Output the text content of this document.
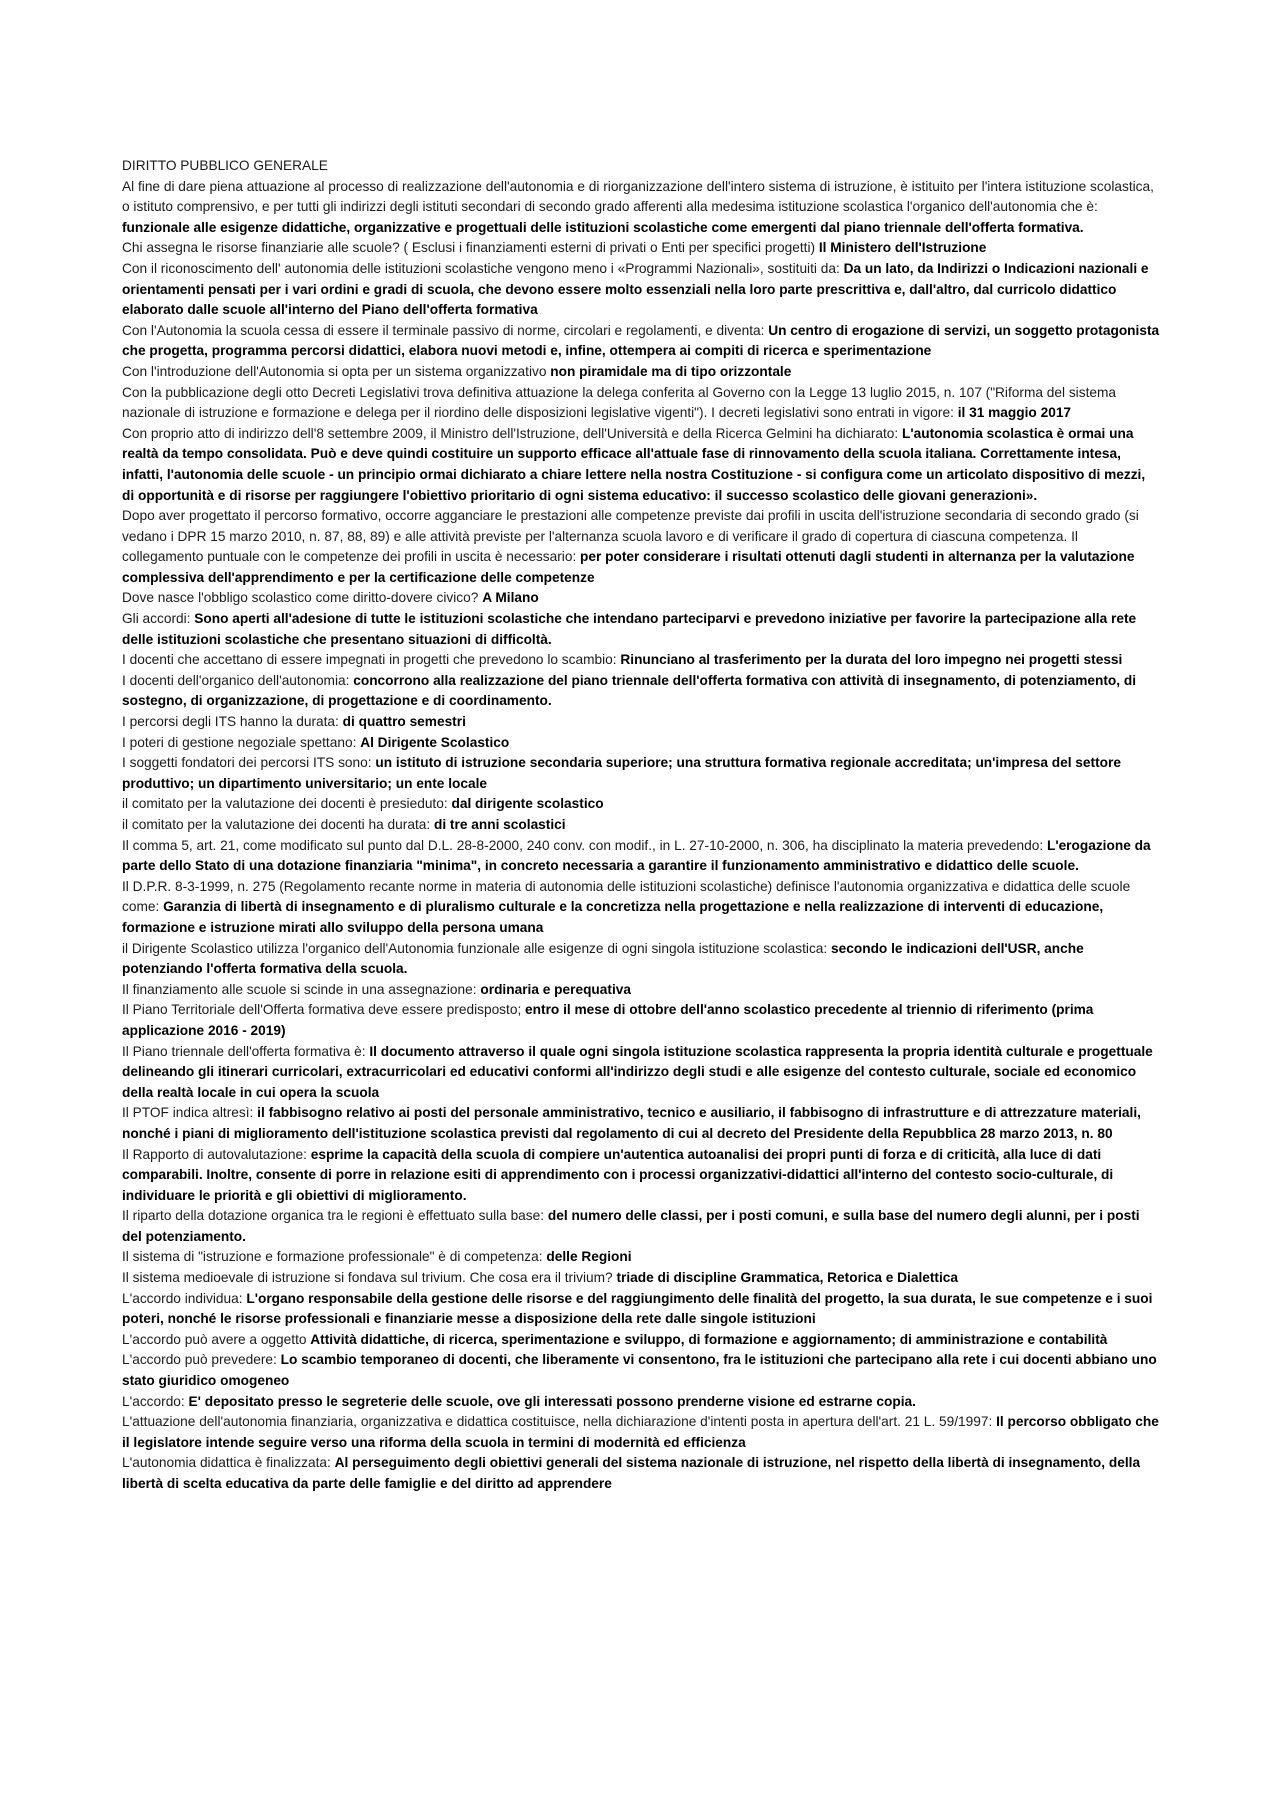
DIRITTO PUBBLICO GENERALE

Al fine di dare piena attuazione al processo di realizzazione dell'autonomia e di riorganizzazione dell'intero sistema di istruzione, è istituito per l'intera istituzione scolastica, o istituto comprensivo, e per tutti gli indirizzi degli istituti secondari di secondo grado afferenti alla medesima istituzione scolastica l'organico dell'autonomia che è: funzionale alle esigenze didattiche, organizzative e progettuali delle istituzioni scolastiche come emergenti dal piano triennale dell'offerta formativa.

Chi assegna le risorse finanziarie alle scuole? ( Esclusi i finanziamenti esterni di privati o Enti per specifici progetti) Il Ministero dell'Istruzione

Con il riconoscimento dell' autonomia delle istituzioni scolastiche vengono meno i «Programmi Nazionali», sostituiti da: Da un lato, da Indirizzi o Indicazioni nazionali e orientamenti pensati per i vari ordini e gradi di scuola, che devono essere molto essenziali nella loro parte prescrittiva e, dall'altro, dal curricolo didattico elaborato dalle scuole all'interno del Piano dell'offerta formativa

Con l'Autonomia la scuola cessa di essere il terminale passivo di norme, circolari e regolamenti, e diventa: Un centro di erogazione di servizi, un soggetto protagonista che progetta, programma percorsi didattici, elabora nuovi metodi e, infine, ottempera ai compiti di ricerca e sperimentazione

Con l'introduzione dell'Autonomia si opta per un sistema organizzativo non piramidale ma di tipo orizzontale

Con la pubblicazione degli otto Decreti Legislativi trova definitiva attuazione la delega conferita al Governo con la Legge 13 luglio 2015, n. 107 ("Riforma del sistema nazionale di istruzione e formazione e delega per il riordino delle disposizioni legislative vigenti"). I decreti legislativi sono entrati in vigore: il 31 maggio 2017

Con proprio atto di indirizzo dell'8 settembre 2009, il Ministro dell'Istruzione, dell'Università e della Ricerca Gelmini ha dichiarato: L'autonomia scolastica è ormai una realtà da tempo consolidata. Può e deve quindi costituire un supporto efficace all'attuale fase di rinnovamento della scuola italiana. Correttamente intesa, infatti, l'autonomia delle scuole - un principio ormai dichiarato a chiare lettere nella nostra Costituzione - si configura come un articolato dispositivo di mezzi, di opportunità e di risorse per raggiungere l'obiettivo prioritario di ogni sistema educativo: il successo scolastico delle giovani generazioni».

Dopo aver progettato il percorso formativo, occorre agganciare le prestazioni alle competenze previste dai profili in uscita dell'istruzione secondaria di secondo grado (si vedano i DPR 15 marzo 2010, n. 87, 88, 89) e alle attività previste per l'alternanza scuola lavoro e di verificare il grado di copertura di ciascuna competenza. Il collegamento puntuale con le competenze dei profili in uscita è necessario: per poter considerare i risultati ottenuti dagli studenti in alternanza per la valutazione complessiva dell'apprendimento e per la certificazione delle competenze

Dove nasce l'obbligo scolastico come diritto-dovere civico? A Milano

Gli accordi: Sono aperti all'adesione di tutte le istituzioni scolastiche che intendano parteciparvi e prevedono iniziative per favorire la partecipazione alla rete delle istituzioni scolastiche che presentano situazioni di difficoltà.

I docenti che accettano di essere impegnati in progetti che prevedono lo scambio: Rinunciano al trasferimento per la durata del loro impegno nei progetti stessi

I docenti dell'organico dell'autonomia: concorrono alla realizzazione del piano triennale dell'offerta formativa con attività di insegnamento, di potenziamento, di sostegno, di organizzazione, di progettazione e di coordinamento.

I percorsi degli ITS hanno la durata: di quattro semestri

I poteri di gestione negoziale spettano: Al Dirigente Scolastico

I soggetti fondatori dei percorsi ITS sono: un istituto di istruzione secondaria superiore; una struttura formativa regionale accreditata; un'impresa del settore produttivo; un dipartimento universitario; un ente locale

il comitato per la valutazione dei docenti è presieduto: dal dirigente scolastico

il comitato per la valutazione dei docenti ha durata: di tre anni scolastici

Il comma 5, art. 21, come modificato sul punto dal D.L. 28-8-2000, 240 conv. con modif., in L. 27-10-2000, n. 306, ha disciplinato la materia prevedendo: L'erogazione da parte dello Stato di una dotazione finanziaria "minima", in concreto necessaria a garantire il funzionamento amministrativo e didattico delle scuole.

Il D.P.R. 8-3-1999, n. 275 (Regolamento recante norme in materia di autonomia delle istituzioni scolastiche) definisce l'autonomia organizzativa e didattica delle scuole come: Garanzia di libertà di insegnamento e di pluralismo culturale e la concretizza nella progettazione e nella realizzazione di interventi di educazione, formazione e istruzione mirati allo sviluppo della persona umana

il Dirigente Scolastico utilizza l'organico dell'Autonomia funzionale alle esigenze di ogni singola istituzione scolastica: secondo le indicazioni dell'USR, anche potenziando l'offerta formativa della scuola.

Il finanziamento alle scuole si scinde in una assegnazione: ordinaria e perequativa

Il Piano Territoriale dell'Offerta formativa deve essere predisposto; entro il mese di ottobre dell'anno scolastico precedente al triennio di riferimento (prima applicazione 2016 - 2019)

Il Piano triennale dell'offerta formativa è: Il documento attraverso il quale ogni singola istituzione scolastica rappresenta la propria identità culturale e progettuale delineando gli itinerari curricolari, extracurricolari ed educativi conformi all'indirizzo degli studi e alle esigenze del contesto culturale, sociale ed economico della realtà locale in cui opera la scuola

Il PTOF indica altresì: il fabbisogno relativo ai posti del personale amministrativo, tecnico e ausiliario, il fabbisogno di infrastrutture e di attrezzature materiali, nonché i piani di miglioramento dell'istituzione scolastica previsti dal regolamento di cui al decreto del Presidente della Repubblica 28 marzo 2013, n. 80

Il Rapporto di autovalutazione: esprime la capacità della scuola di compiere un'autentica autoanalisi dei propri punti di forza e di criticità, alla luce di dati comparabili. Inoltre, consente di porre in relazione esiti di apprendimento con i processi organizzativi-didattici all'interno del contesto socio-culturale, di individuare le priorità e gli obiettivi di miglioramento.

Il riparto della dotazione organica tra le regioni è effettuato sulla base: del numero delle classi, per i posti comuni, e sulla base del numero degli alunni, per i posti del potenziamento.

Il sistema di "istruzione e formazione professionale" è di competenza: delle Regioni

Il sistema medioevale di istruzione si fondava sul trivium. Che cosa era il trivium? triade di discipline Grammatica, Retorica e Dialettica

L'accordo individua: L'organo responsabile della gestione delle risorse e del raggiungimento delle finalità del progetto, la sua durata, le sue competenze e i suoi poteri, nonché le risorse professionali e finanziarie messe a disposizione della rete dalle singole istituzioni

L'accordo può avere a oggetto Attività didattiche, di ricerca, sperimentazione e sviluppo, di formazione e aggiornamento; di amministrazione e contabilità

L'accordo può prevedere: Lo scambio temporaneo di docenti, che liberamente vi consentono, fra le istituzioni che partecipano alla rete i cui docenti abbiano uno stato giuridico omogeneo

L'accordo: E' depositato presso le segreterie delle scuole, ove gli interessati possono prenderne visione ed estrarne copia.

L'attuazione dell'autonomia finanziaria, organizzativa e didattica costituisce, nella dichiarazione d'intenti posta in apertura dell'art. 21 L. 59/1997: Il percorso obbligato che il legislatore intende seguire verso una riforma della scuola in termini di modernità ed efficienza

L'autonomia didattica è finalizzata: Al perseguimento degli obiettivi generali del sistema nazionale di istruzione, nel rispetto della libertà di insegnamento, della libertà di scelta educativa da parte delle famiglie e del diritto ad apprendere
